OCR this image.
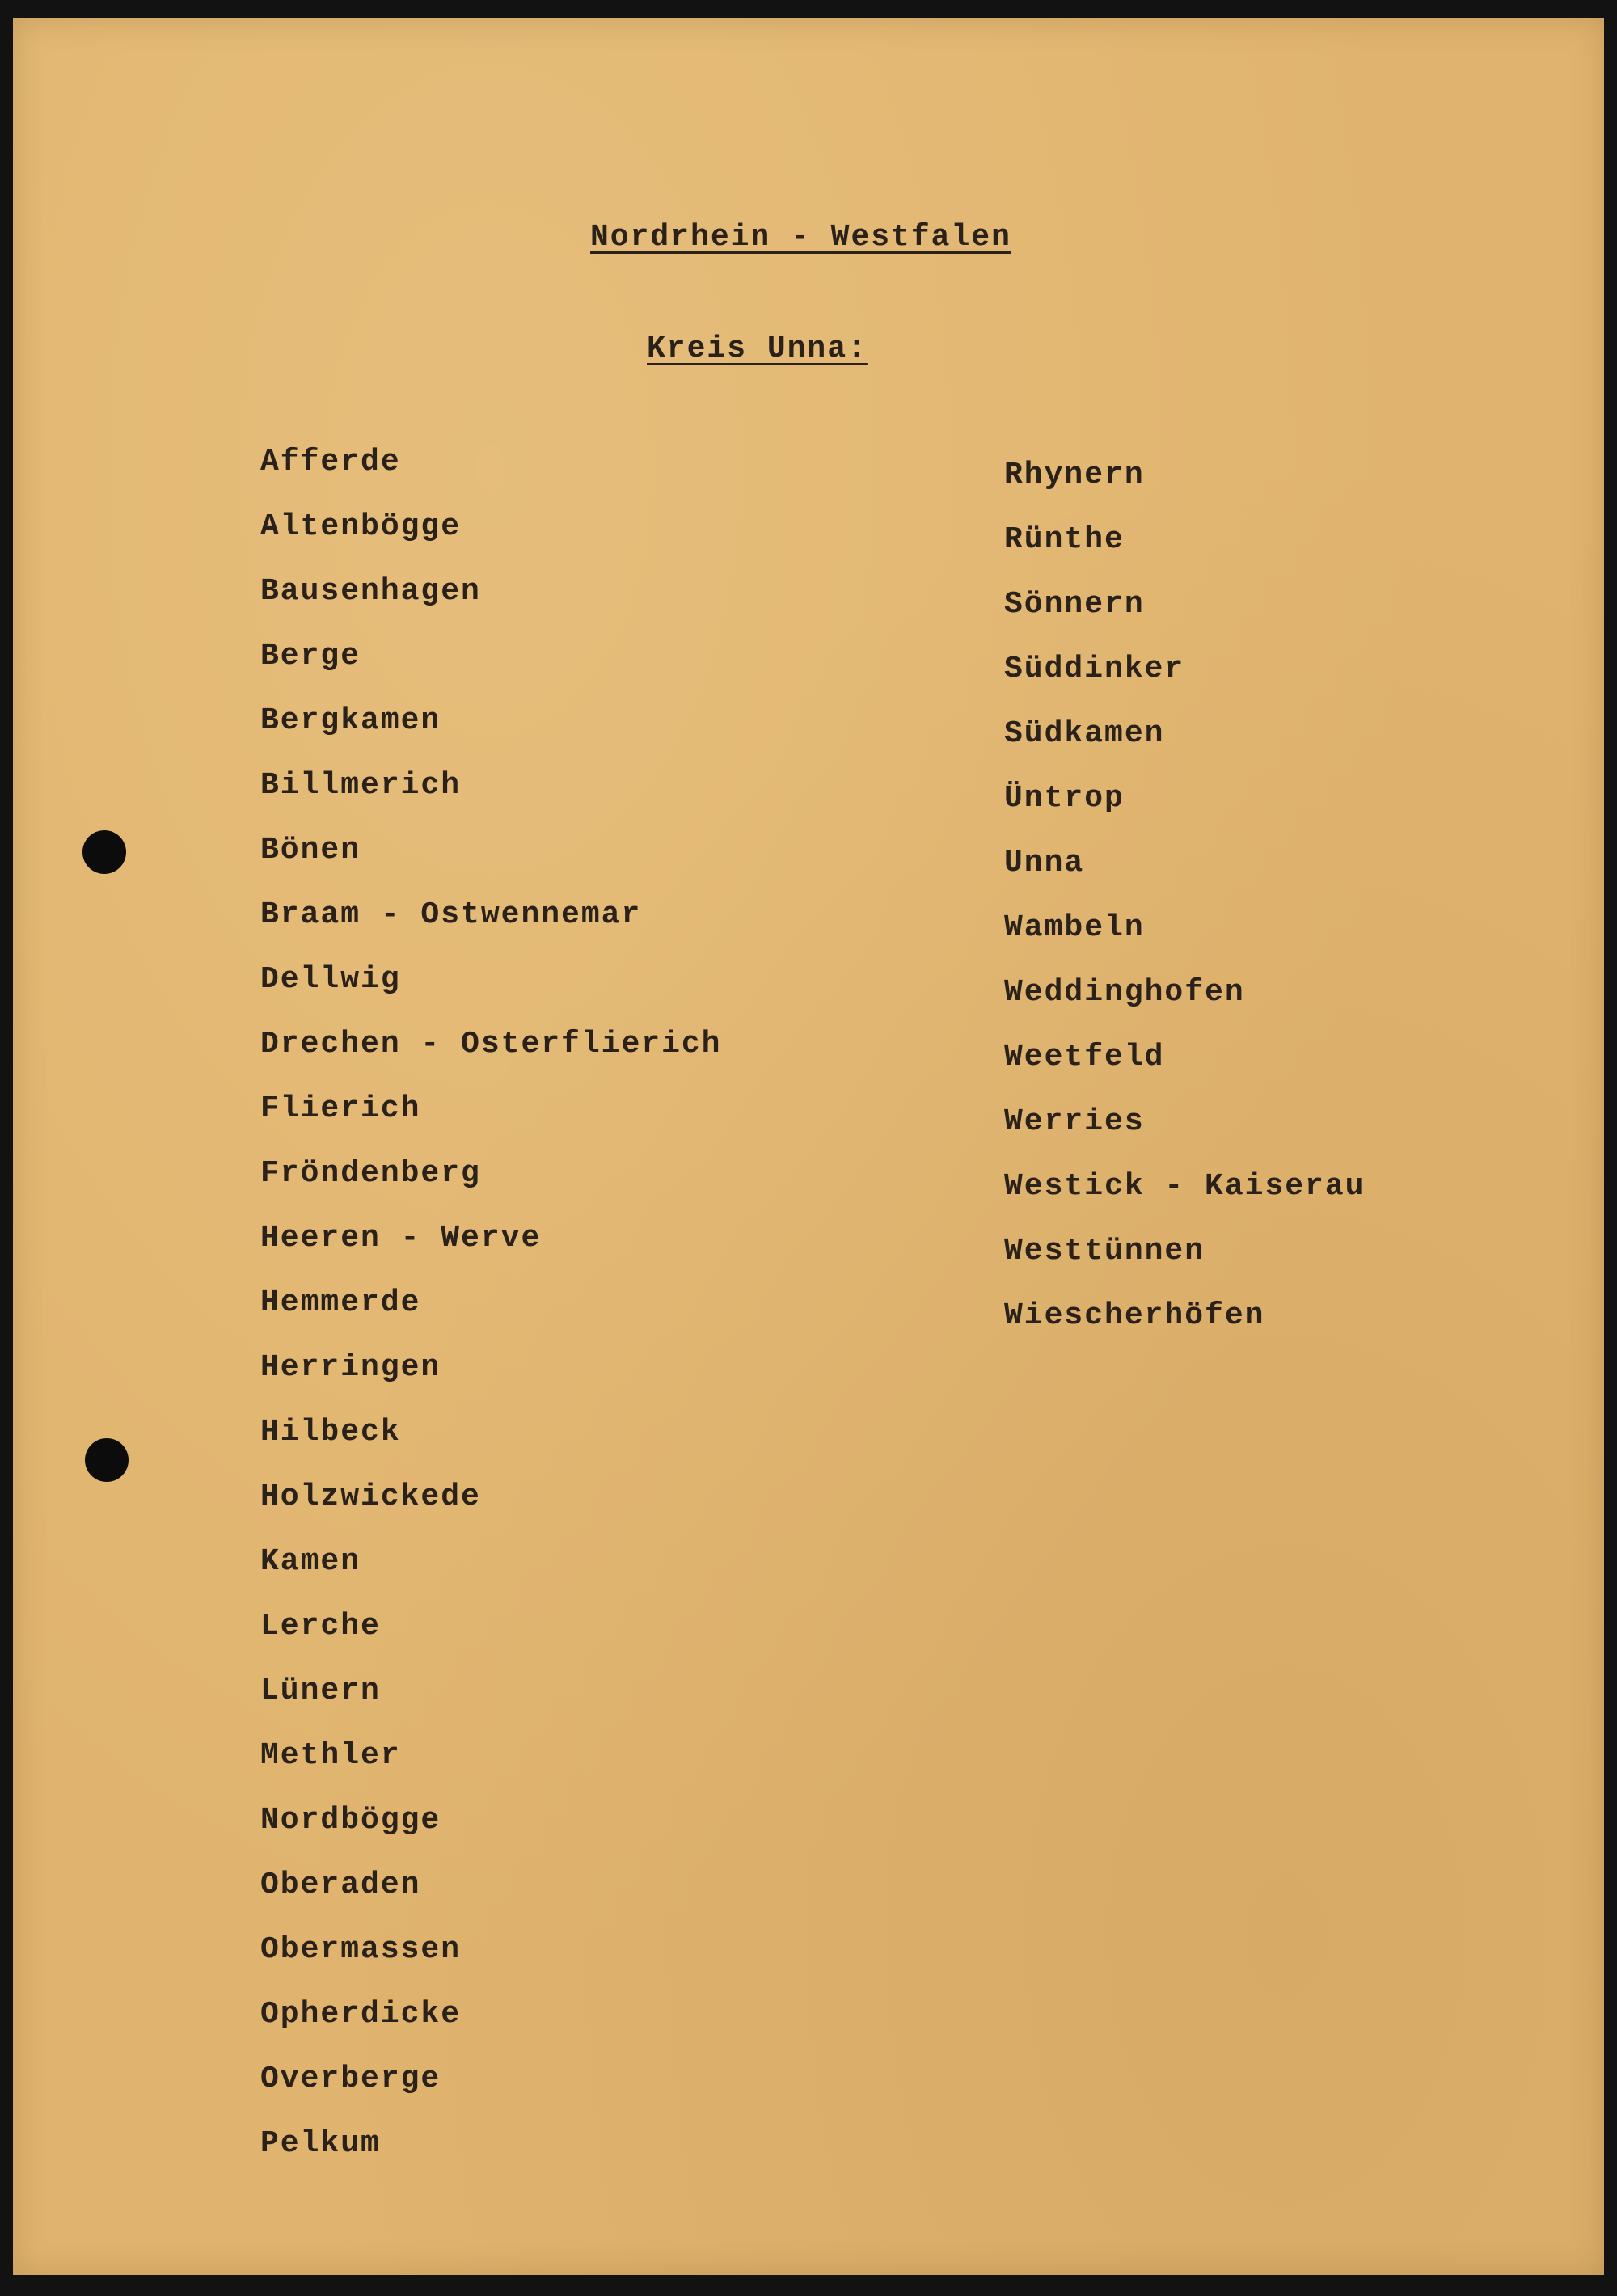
Nordrhein - Westfalen
Kreis Unna:
Afferde
Altenbögge
Bausenhagen
Berge
Bergkamen
Billmerich
Bönen
Braam - Ostwennemar
Dellwig
Drechen - Osterflierich
Flierich
Fröndenberg
Heeren - Werve
Hemmerde
Herringen
Hilbeck
Holzwickede
Kamen
Lerche
Lünern
Methler
Nordbögge
Oberaden
Obermassen
Opherdicke
Overberge
Pelkum
Rhynern
Rünthe
Sönnern
Süddinker
Südkamen
Üntrop
Unna
Wambeln
Weddinghofen
Weetfeld
Werries
Westick - Kaiserau
Westtünnen
Wiescherhöfen
